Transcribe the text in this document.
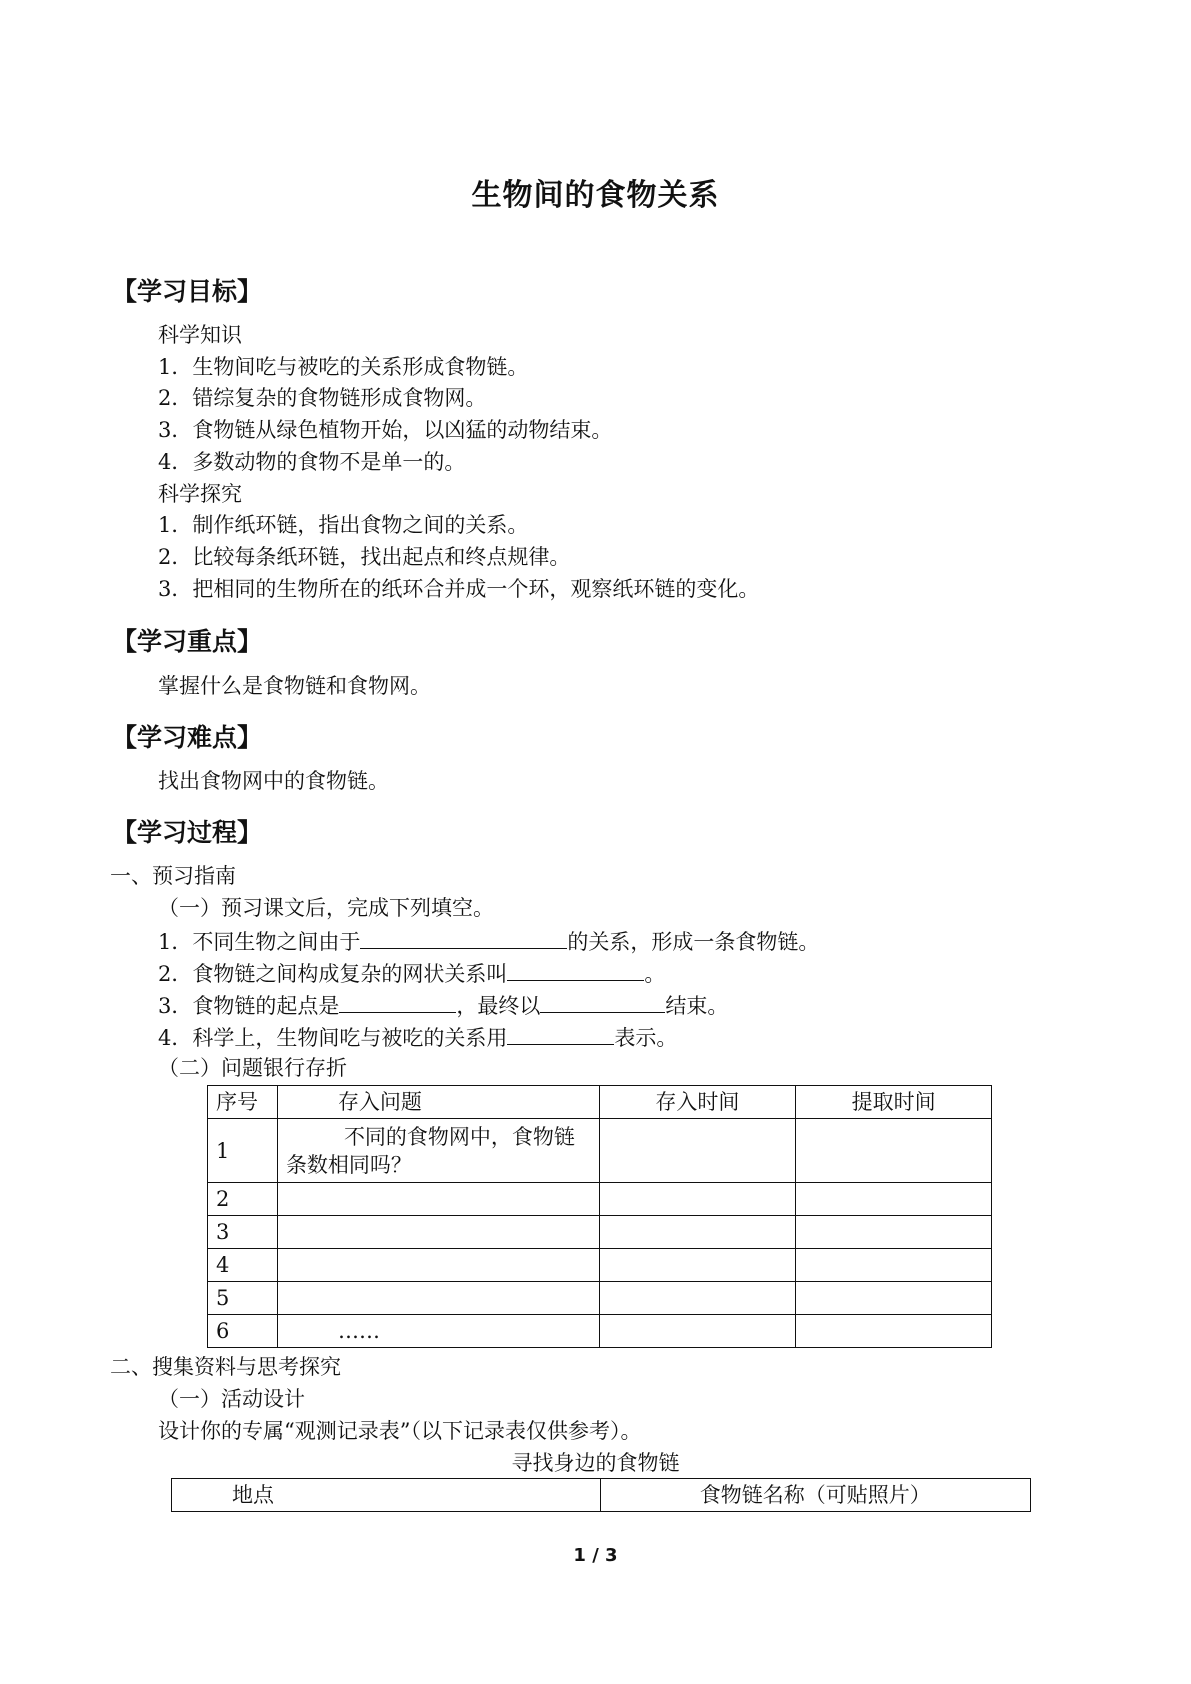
生物间的食物关系
【学习目标】
科学知识
1．生物间吃与被吃的关系形成食物链。
2．错综复杂的食物链形成食物网。
3．食物链从绿色植物开始，以凶猛的动物结束。
4．多数动物的食物不是单一的。
科学探究
1．制作纸环链，指出食物之间的关系。
2．比较每条纸环链，找出起点和终点规律。
3．把相同的生物所在的纸环合并成一个环，观察纸环链的变化。
【学习重点】
掌握什么是食物链和食物网。
【学习难点】
找出食物网中的食物链。
【学习过程】
一、预习指南
（一）预习课文后，完成下列填空。
1．不同生物之间由于	的关系，形成一条食物链。
2．食物链之间构成复杂的网状关系叫	。
3．食物链的起点是	，最终以	结束。
4．科学上，生物间吃与被吃的关系用	表示。
（二）问题银行存折
序号	存入问题	存入时间	提取时间
1	不同的食物网中，食物链条数相同吗？		
2			
3			
4			
5			
6	……		
二、搜集资料与思考探究
（一）活动设计
设计你的专属“观测记录表”（以下记录表仅供参考）。
寻找身边的食物链
地点	食物链名称（可贴照片）
1 / 3
